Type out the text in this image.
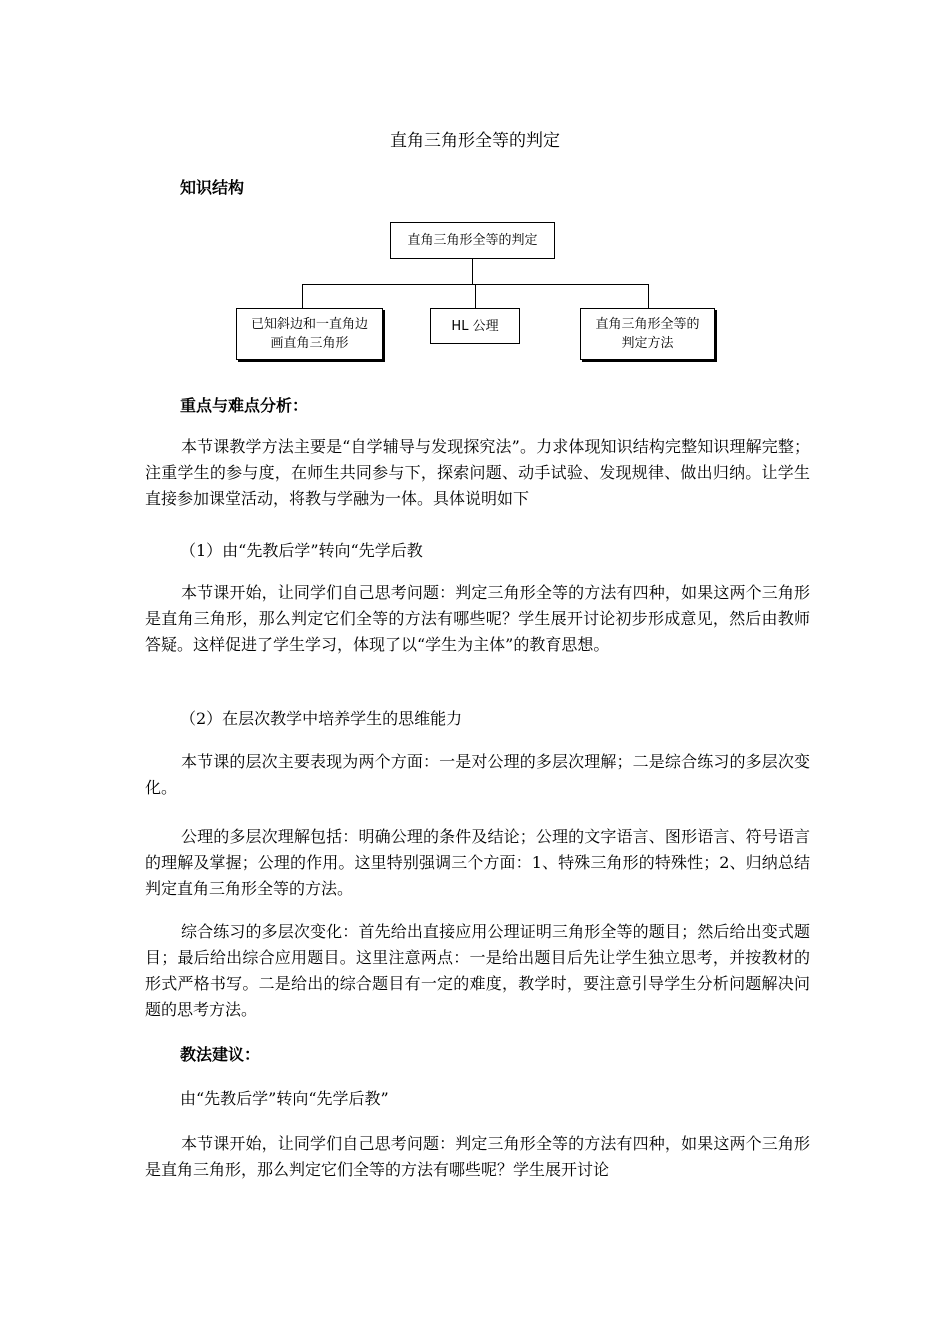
直角三角形全等的判定
知识结构
直角三角形全等的判定
已知斜边和一直角边画直角三角形
HL 公理	直角三角形全等的判定方法
重点与难点分析：
本节课教学方法主要是“自学辅导与发现探究法”。力求体现知识结构完整知识理解完整；注重学生的参与度，在师生共同参与下，探索问题、动手试验、发现规律、做出归纳。让学生直接参加课堂活动，将教与学融为一体。具体说明如下
（1）由“先教后学”转向“先学后教
本节课开始，让同学们自己思考问题：判定三角形全等的方法有四种，如果这两个三角形是直角三角形，那么判定它们全等的方法有哪些呢？学生展开讨论初步形成意见，然后由教师答疑。这样促进了学生学习，体现了以“学生为主体”的教育思想。
（2）在层次教学中培养学生的思维能力
本节课的层次主要表现为两个方面：一是对公理的多层次理解；二是综合练习的多层次变化。
公理的多层次理解包括：明确公理的条件及结论；公理的文字语言、图形语言、符号语言的理解及掌握；公理的作用。这里特别强调三个方面：1、特殊三角形的特殊性；2、归纳总结判定直角三角形全等的方法。
综合练习的多层次变化：首先给出直接应用公理证明三角形全等的题目；然后给出变式题目；最后给出综合应用题目。这里注意两点：一是给出题目后先让学生独立思考，并按教材的形式严格书写。二是给出的综合题目有一定的难度，教学时，要注意引导学生分析问题解决问题的思考方法。
教法建议：
由“先教后学”转向“先学后教”
本节课开始，让同学们自己思考问题：判定三角形全等的方法有四种，如果这两个三角形是直角三角形，那么判定它们全等的方法有哪些呢？学生展开讨论
